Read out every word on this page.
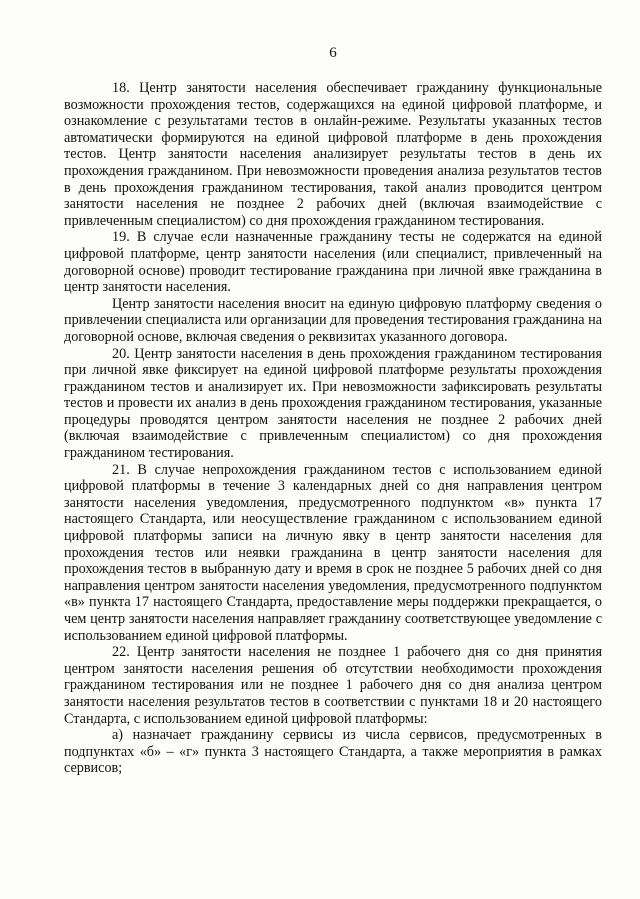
6

18. Центр занятости населения обеспечивает гражданину функциональные возможности прохождения тестов, содержащихся на единой цифровой платформе, и ознакомление с результатами тестов в онлайн-режиме. Результаты указанных тестов автоматически формируются на единой цифровой платформе в день прохождения тестов. Центр занятости населения анализирует результаты тестов в день их прохождения гражданином. При невозможности проведения анализа результатов тестов в день прохождения гражданином тестирования, такой анализ проводится центром занятости населения не позднее 2 рабочих дней (включая взаимодействие с привлеченным специалистом) со дня прохождения гражданином тестирования.

19. В случае если назначенные гражданину тесты не содержатся на единой цифровой платформе, центр занятости населения (или специалист, привлеченный на договорной основе) проводит тестирование гражданина при личной явке гражданина в центр занятости населения.

Центр занятости населения вносит на единую цифровую платформу сведения о привлечении специалиста или организации для проведения тестирования гражданина на договорной основе, включая сведения о реквизитах указанного договора.

20. Центр занятости населения в день прохождения гражданином тестирования при личной явке фиксирует на единой цифровой платформе результаты прохождения гражданином тестов и анализирует их. При невозможности зафиксировать результаты тестов и провести их анализ в день прохождения гражданином тестирования, указанные процедуры проводятся центром занятости населения не позднее 2 рабочих дней (включая взаимодействие с привлеченным специалистом) со дня прохождения гражданином тестирования.

21. В случае непрохождения гражданином тестов с использованием единой цифровой платформы в течение 3 календарных дней со дня направления центром занятости населения уведомления, предусмотренного подпунктом «в» пункта 17 настоящего Стандарта, или неосуществление гражданином с использованием единой цифровой платформы записи на личную явку в центр занятости населения для прохождения тестов или неявки гражданина в центр занятости населения для прохождения тестов в выбранную дату и время в срок не позднее 5 рабочих дней со дня направления центром занятости населения уведомления, предусмотренного подпунктом «в» пункта 17 настоящего Стандарта, предоставление меры поддержки прекращается, о чем центр занятости населения направляет гражданину соответствующее уведомление с использованием единой цифровой платформы.

22. Центр занятости населения не позднее 1 рабочего дня со дня принятия центром занятости населения решения об отсутствии необходимости прохождения гражданином тестирования или не позднее 1 рабочего дня со дня анализа центром занятости населения результатов тестов в соответствии с пунктами 18 и 20 настоящего Стандарта, с использованием единой цифровой платформы:

а) назначает гражданину сервисы из числа сервисов, предусмотренных в подпунктах «б» – «г» пункта 3 настоящего Стандарта, а также мероприятия в рамках сервисов;
